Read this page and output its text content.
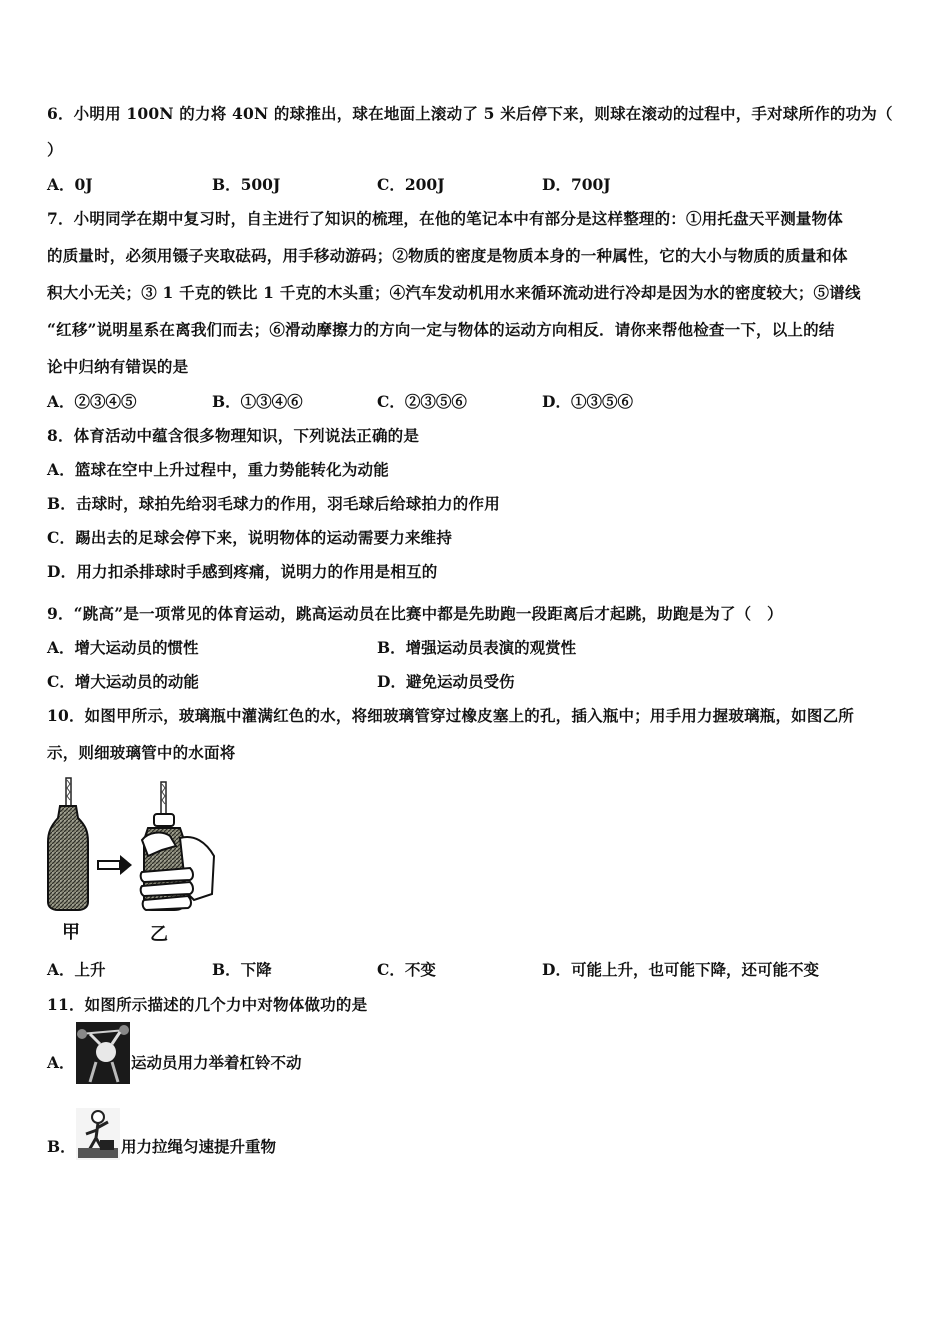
6．小明用 100N 的力将 40N 的球推出，球在地面上滚动了 5 米后停下来，则球在滚动的过程中，手对球所作的功为（
）
A．0J	B．500J	C．200J	D．700J
7．小明同学在期中复习时，自主进行了知识的梳理，在他的笔记本中有部分是这样整理的：①用托盘天平测量物体
的质量时，必须用镊子夹取砝码，用手移动游码；②物质的密度是物质本身的一种属性，它的大小与物质的质量和体
积大小无关；③ 1 千克的铁比 1 千克的木头重；④汽车发动机用水来循环流动进行冷却是因为水的密度较大；⑤谱线
“红移”说明星系在离我们而去；⑥滑动摩擦力的方向一定与物体的运动方向相反．请你来帮他检查一下，以上的结
论中归纳有错误的是
A．②③④⑤	B．①③④⑥	C．②③⑤⑥	D．①③⑤⑥
8．体育活动中蕴含很多物理知识，下列说法正确的是
A．篮球在空中上升过程中，重力势能转化为动能
B．击球时，球拍先给羽毛球力的作用，羽毛球后给球拍力的作用
C．踢出去的足球会停下来，说明物体的运动需要力来维持
D．用力扣杀排球时手感到疼痛，说明力的作用是相互的
9．“跳高”是一项常见的体育运动，跳高运动员在比赛中都是先助跑一段距离后才起跳，助跑是为了（　）
A．增大运动员的惯性	B．增强运动员表演的观赏性
C．增大运动员的动能	D．避免运动员受伤
10．如图甲所示，玻璃瓶中灌满红色的水，将细玻璃管穿过橡皮塞上的孔，插入瓶中；用手用力握玻璃瓶，如图乙所
示，则细玻璃管中的水面将
甲	乙
A．上升	B．下降	C．不变	D．可能上升，也可能下降，还可能不变
11．如图所示描述的几个力中对物体做功的是
A．	运动员用力举着杠铃不动
B．	用力拉绳匀速提升重物
